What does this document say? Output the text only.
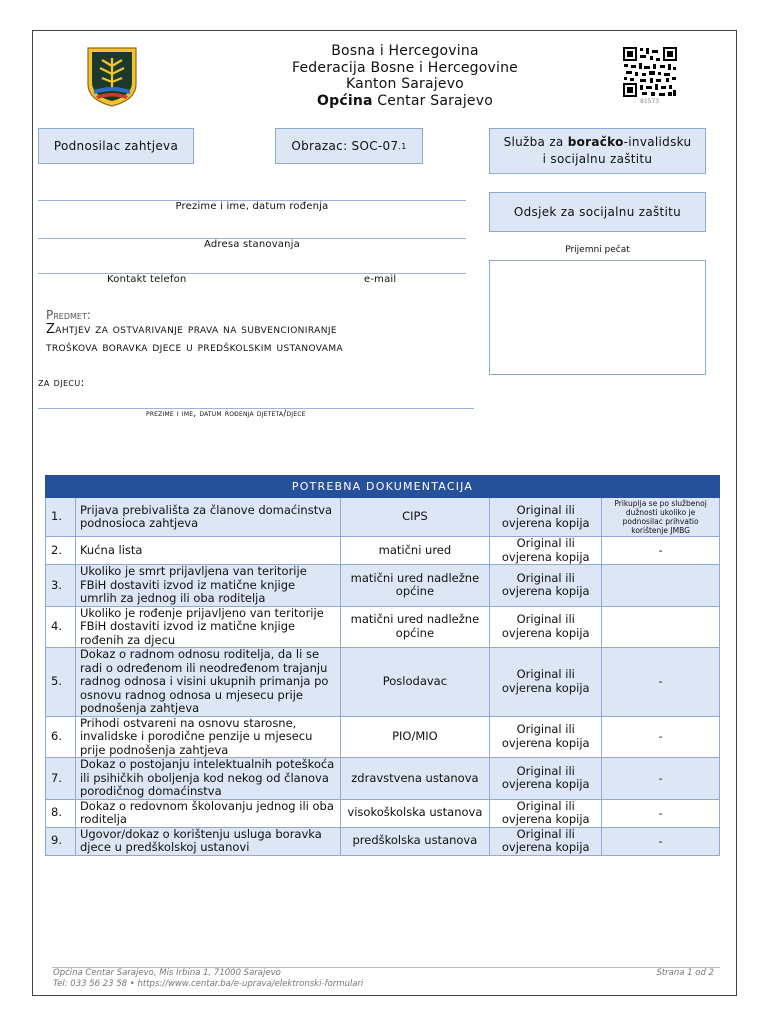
Bosna i Hercegovina
Federacija Bosne i Hercegovine
Kanton Sarajevo
Općina Centar Sarajevo	81573
Podnosilac zahtjeva	Obrazac: SOC-07 .1	Služba za boračko-invalidsku
i socijalnu zaštitu
Odsjek za socijalnu zaštitu
Prezime i ime, datum rođenja
Adresa stanovanja
Kontakt telefon	e-mail
Prijemni pečat
Predmet:
Zahtjev za ostvarivanje prava na subvencioniranje
troškova boravka djece u predškolskim ustanovama
za djecu:
prezime i ime, datum rođenja djeteta/djece
POTREBNA DOKUMENTACIJA				
1.	Prijava prebivališta za članove domaćinstva podnosioca zahtjeva	CIPS	Original ili ovjerena kopija	Prikuplja se po službenoj dužnosti ukoliko je podnosilac prihvatio korištenje JMBG
2.	Kućna lista	matični ured	Original ili ovjerena kopija	-
3.	Ukoliko je smrt prijavljena van teritorije FBiH dostaviti izvod iz matične knjige umrlih za jednog ili oba roditelja	matični ured nadležne općine	Original ili ovjerena kopija	
4.	Ukoliko je rođenje prijavljeno van teritorije FBiH dostaviti izvod iz matične knjige rođenih za djecu	matični ured nadležne općine	Original ili ovjerena kopija	
5.	Dokaz o radnom odnosu roditelja, da li se radi o određenom ili neodređenom trajanju radnog odnosa i visini ukupnih primanja po osnovu radnog odnosa u mjesecu prije podnošenja zahtjeva	Poslodavac	Original ili ovjerena kopija	-
6.	Prihodi ostvareni na osnovu starosne, invalidske i porodične penzije u mjesecu prije podnošenja zahtjeva	PIO/MIO	Original ili ovjerena kopija	-
7.	Dokaz o postojanju intelektualnih poteškoća ili psihičkih oboljenja kod nekog od članova porodičnog domaćinstva	zdravstvena ustanova	Original ili ovjerena kopija	-
8.	Dokaz o redovnom školovanju jednog ili oba roditelja	visokoškolska ustanova	Original ili ovjerena kopija	-
9.	Ugovor/dokaz o korištenju usluga boravka djece u predškolskoj ustanovi	predškolska ustanova	Original ili ovjerena kopija	-
Općina Centar Sarajevo, Mis Irbina 1, 71000 Sarajevo
Tel: 033 56 23 58 • https://www.centar.ba/e-uprava/elektronski-formulari
Strana 1 od 2
